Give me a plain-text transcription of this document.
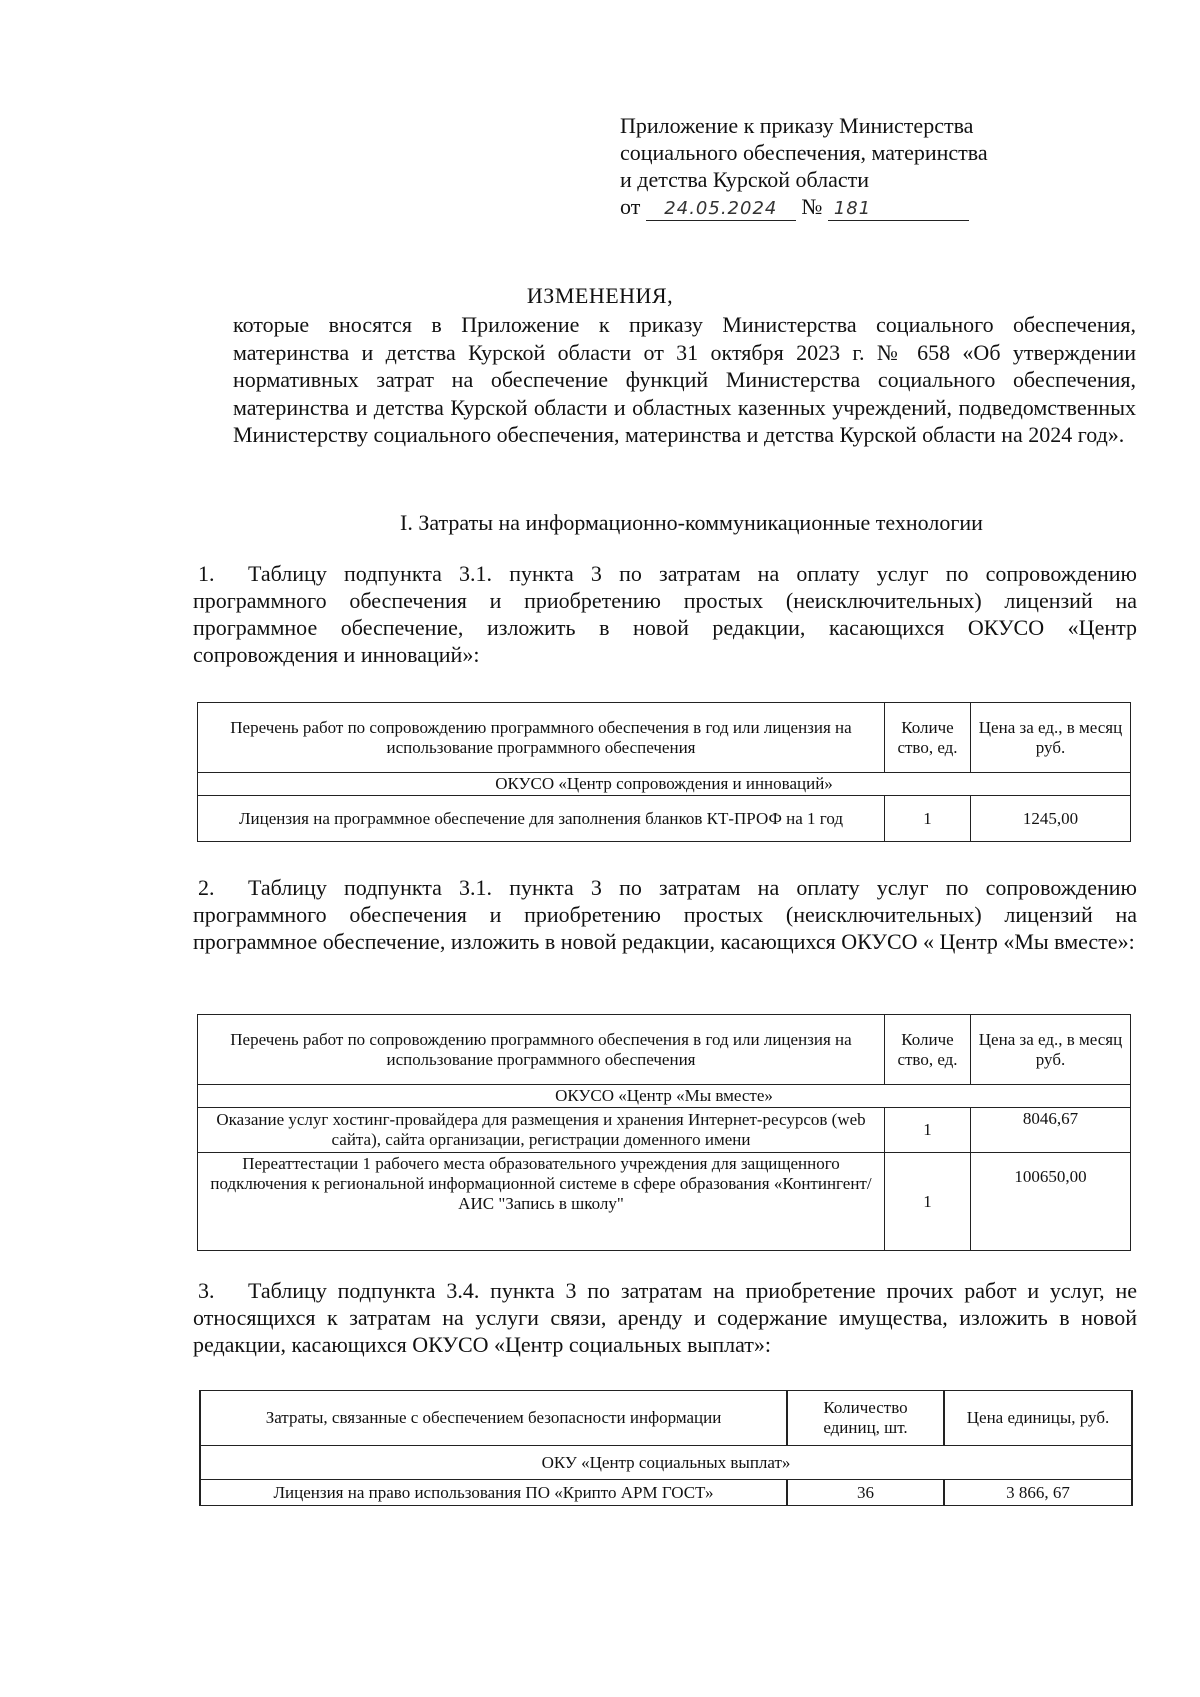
Приложение к приказу Министерства
социального обеспечения, материнства
и детства Курской области
от 24.05.2024 № 181
ИЗМЕНЕНИЯ,
которые вносятся в Приложение к приказу Министерства социального обеспечения, материнства и детства Курской области от 31 октября 2023 г. № 658 «Об утверждении нормативных затрат на обеспечение функций Министерства социального обеспечения, материнства и детства Курской области и областных казенных учреждений, подведомственных Министерству социального обеспечения, материнства и детства Курской области на 2024 год».
I. Затраты на информационно-коммуникационные технологии
1. Таблицу подпункта 3.1. пункта 3 по затратам на оплату услуг по сопровождению программного обеспечения и приобретению простых (неисключительных) лицензий на программное обеспечение, изложить в новой редакции, касающихся ОКУСО «Центр сопровождения и инноваций»:
Перечень работ по сопровождению программного обеспечения в год или лицензия на использование программного обеспечения	Количе ство, ед.	Цена за ед., в месяц руб.
ОКУСО «Центр сопровождения и инноваций»		
Лицензия на программное обеспечение для заполнения бланков КТ-ПРОФ на 1 год	1	1245,00
2. Таблицу подпункта 3.1. пункта 3 по затратам на оплату услуг по сопровождению программного обеспечения и приобретению простых (неисключительных) лицензий на программное обеспечение, изложить в новой редакции, касающихся ОКУСО « Центр «Мы вместе»:
Перечень работ по сопровождению программного обеспечения в год или лицензия на использование программного обеспечения	Количе ство, ед.	Цена за ед., в месяц руб.
ОКУСО «Центр «Мы вместе»		
Оказание услуг хостинг-провайдера для размещения и хранения Интернет-ресурсов (web сайта), сайта организации, регистрации доменного имени	1	8046,67
Переаттестации 1 рабочего места образовательного учреждения для защищенного подключения к региональной информационной системе в сфере образования «Контингент/АИС "Запись в школу"	1	100650,00
3. Таблицу подпункта 3.4. пункта 3 по затратам на приобретение прочих работ и услуг, не относящихся к затратам на услуги связи, аренду и содержание имущества, изложить в новой редакции, касающихся ОКУСО «Центр социальных выплат»:
Затраты, связанные с обеспечением безопасности информации	Количество единиц, шт.	Цена единицы, руб.
ОКУ «Центр социальных выплат»		
Лицензия на право использования ПО «Крипто АРМ ГОСТ»	36	3 866, 67
